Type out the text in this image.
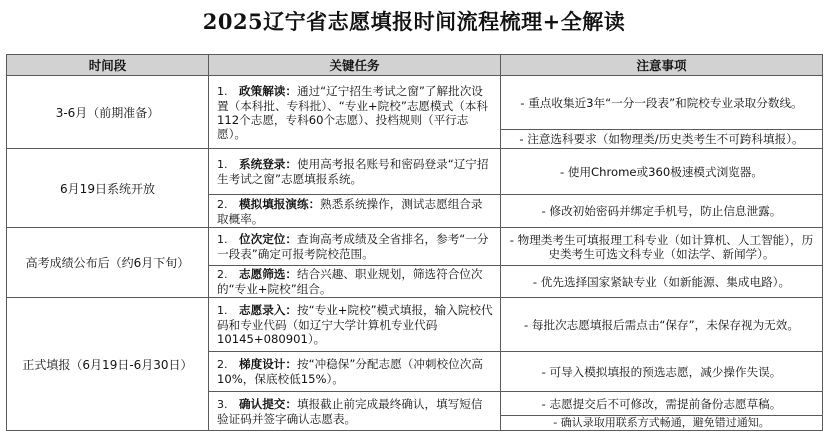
2025辽宁省志愿填报时间流程梳理+全解读
时间段	关键任务	注意事项
3-6月（前期准备）	1. 政策解读：通过“辽宁招生考试之窗”了解批次设置（本科批、专科批）、“专业+院校”志愿模式（本科112个志愿，专科60个志愿）、投档规则（平行志愿）。	- 重点收集近3年“一分一段表”和院校专业录取分数线。
		- 注意选科要求（如物理类/历史类考生不可跨科填报）。
6月19日系统开放	1. 系统登录：使用高考报名账号和密码登录“辽宁招生考试之窗”志愿填报系统。	- 使用Chrome或360极速模式浏览器。
	2. 模拟填报演练：熟悉系统操作，测试志愿组合录取概率。	- 修改初始密码并绑定手机号，防止信息泄露。
高考成绩公布后（约6月下旬）	1. 位次定位：查询高考成绩及全省排名，参考“一分一段表”确定可报考院校范围。	- 物理类考生可填报理工科专业（如计算机、人工智能），历史类考生可选文科专业（如法学、新闻学）。
	2. 志愿筛选：结合兴趣、职业规划，筛选符合位次的“专业+院校”组合。	- 优先选择国家紧缺专业（如新能源、集成电路）。
正式填报（6月19日-6月30日）	1. 志愿录入：按“专业+院校”模式填报，输入院校代码和专业代码（如辽宁大学计算机专业代码10145+080901）。	- 每批次志愿填报后需点击“保存”，未保存视为无效。
	2. 梯度设计：按“冲稳保”分配志愿（冲刺校位次高10%，保底校低15%）。	- 可导入模拟填报的预选志愿，减少操作失误。
	3. 确认提交：填报截止前完成最终确认，填写短信验证码并签字确认志愿表。	- 志愿提交后不可修改，需提前备份志愿草稿。
		- 确认录取用联系方式畅通，避免错过通知。
